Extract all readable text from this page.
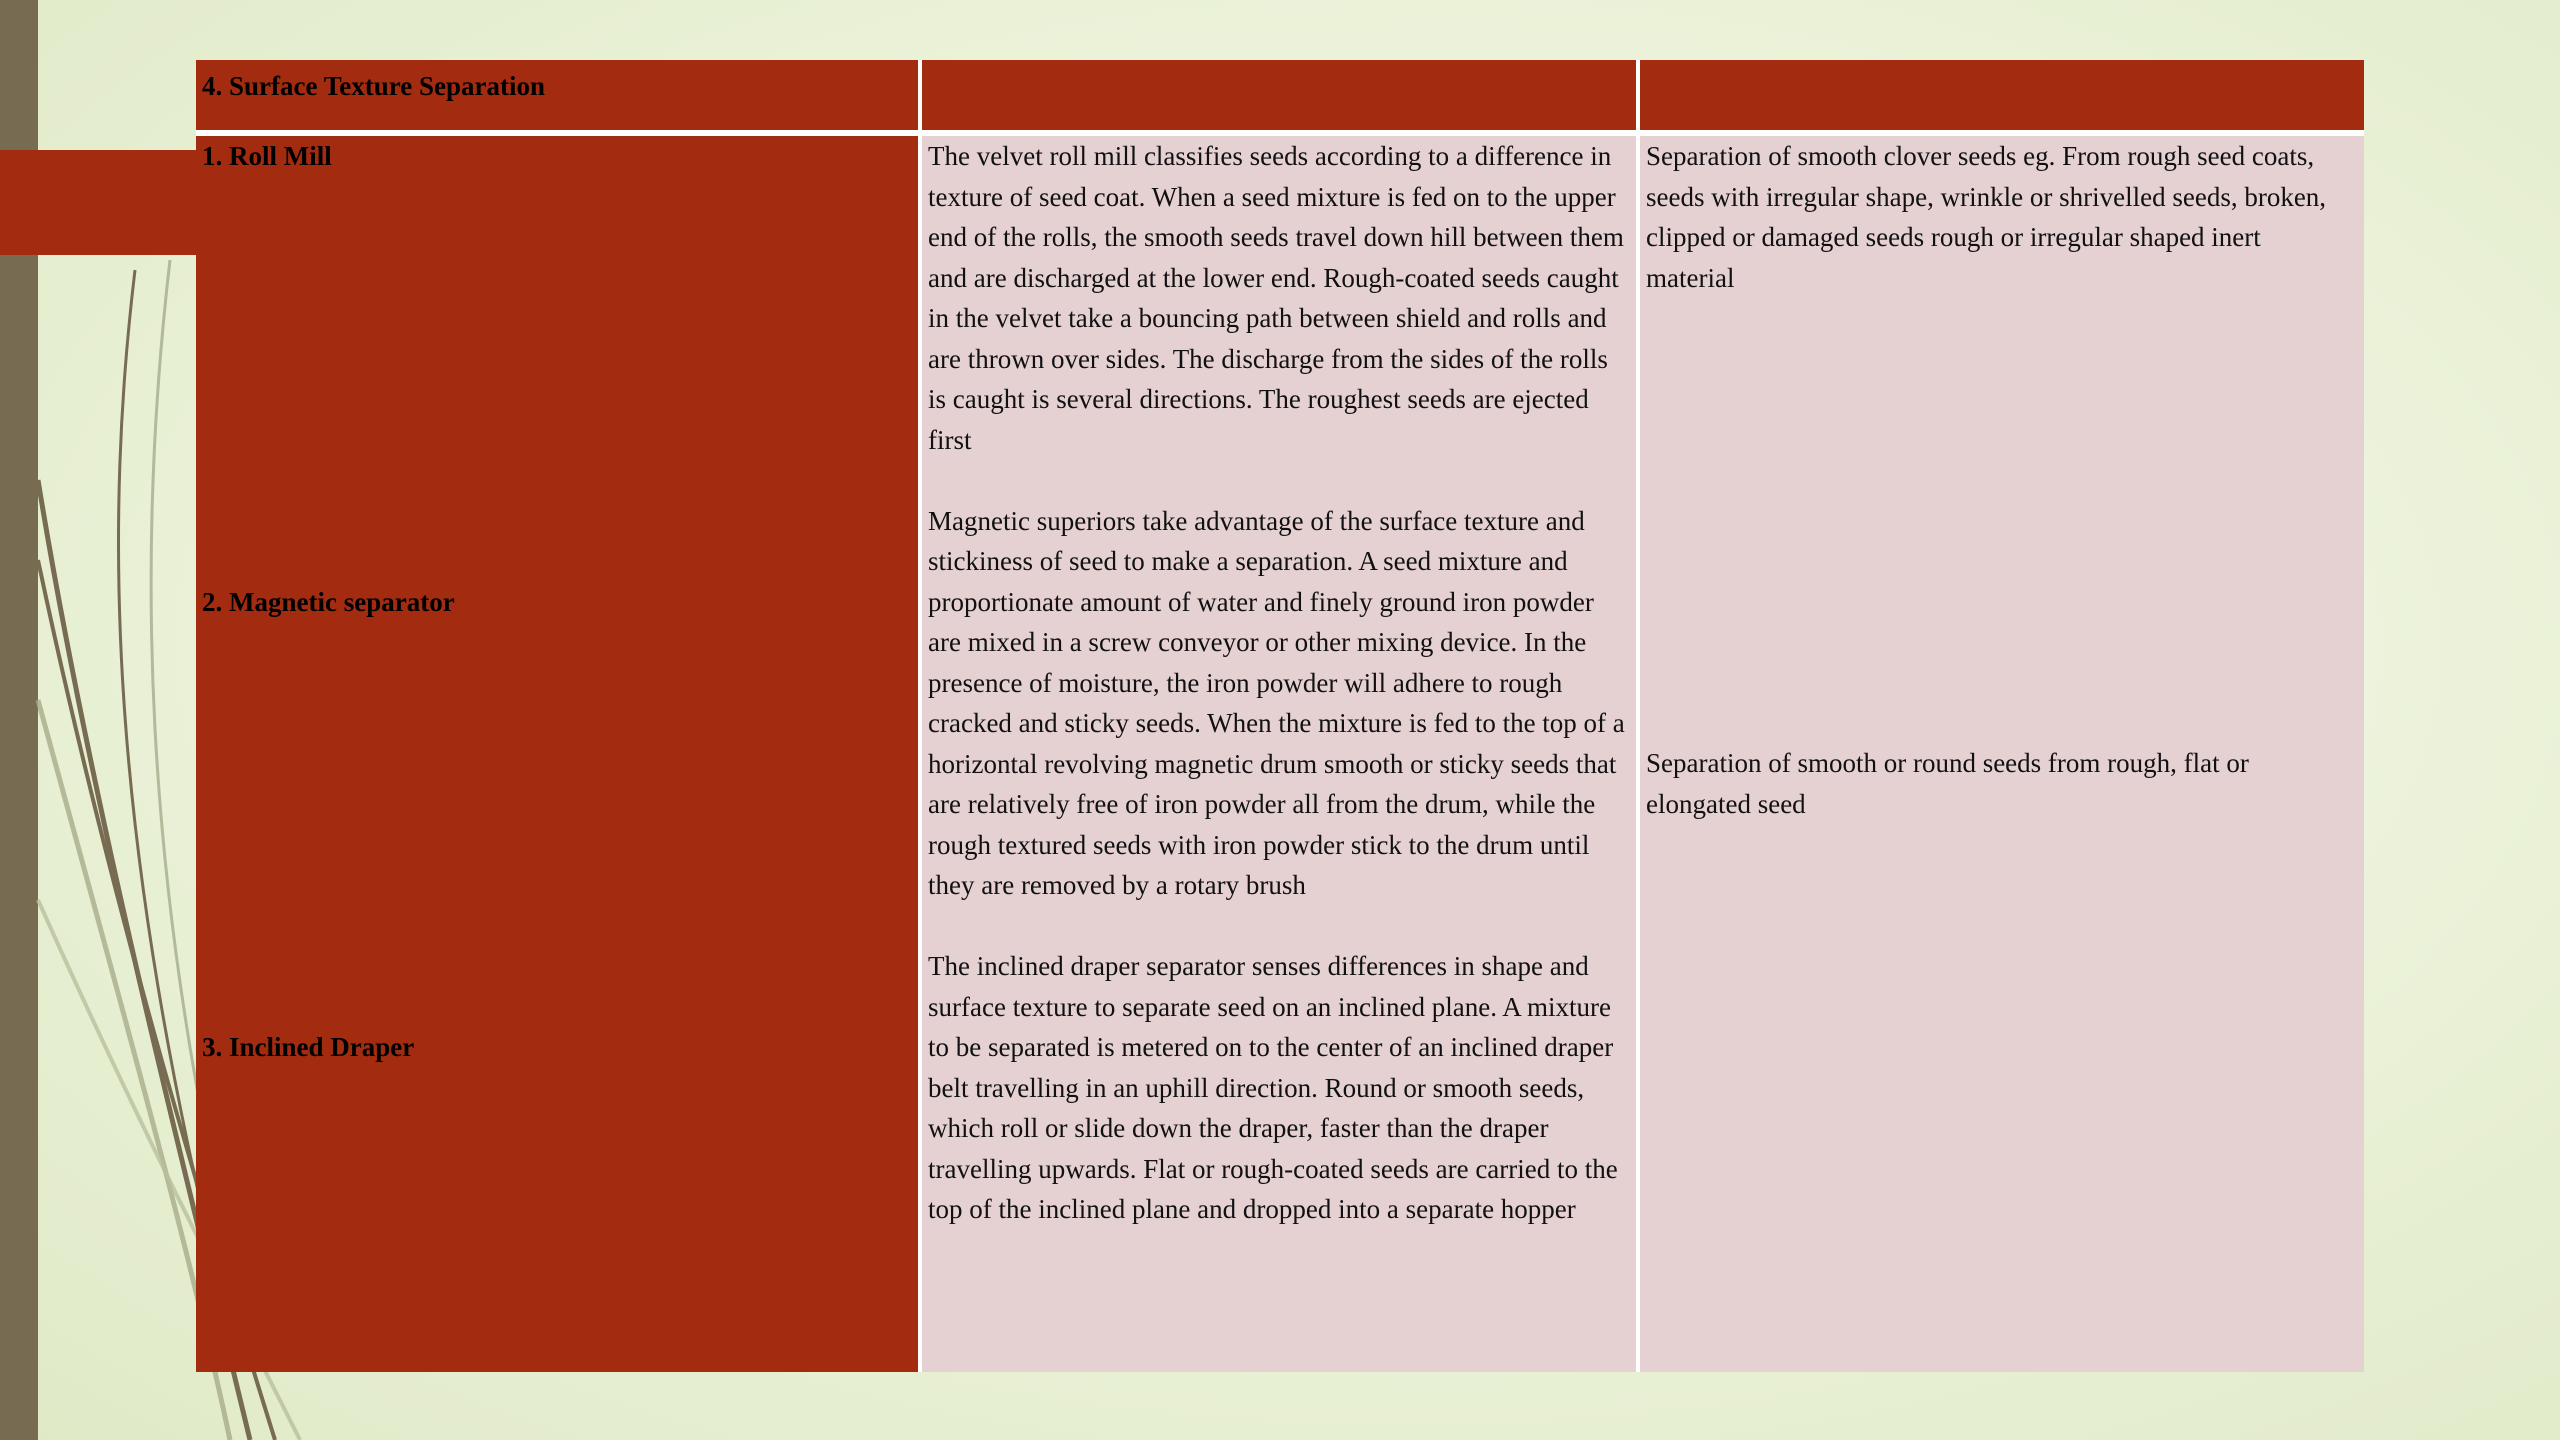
4. Surface Texture Separation
1. Roll Mill
2. Magnetic separator
3. Inclined Draper

The velvet roll mill classifies seeds according to a difference in texture of seed coat. When a seed mixture is fed on to the upper end of the rolls, the smooth seeds travel down hill between them and are discharged at the lower end. Rough-coated seeds caught in the velvet take a bouncing path between shield and rolls and are thrown over sides. The discharge from the sides of the rolls is caught is several directions. The roughest seeds are ejected first

Magnetic superiors take advantage of the surface texture and stickiness of seed to make a separation. A seed mixture and proportionate amount of water and finely ground iron powder are mixed in a screw conveyor or other mixing device. In the presence of moisture, the iron powder will adhere to rough cracked and sticky seeds. When the mixture is fed to the top of a horizontal revolving magnetic drum smooth or sticky seeds that are relatively free of iron powder all from the drum, while the rough textured seeds with iron powder stick to the drum until they are removed by a rotary brush

The inclined draper separator senses differences in shape and surface texture to separate seed on an inclined plane. A mixture to be separated is metered on to the center of an inclined draper belt travelling in an uphill direction. Round or smooth seeds, which roll or slide down the draper, faster than the draper travelling upwards. Flat or rough-coated seeds are carried to the top of the inclined plane and dropped into a separate hopper

Separation of smooth clover seeds eg. From rough seed coats, seeds with irregular shape, wrinkle or shrivelled seeds, broken, clipped or damaged seeds rough or irregular shaped inert material
Separation of smooth or round seeds from rough, flat or elongated seed
